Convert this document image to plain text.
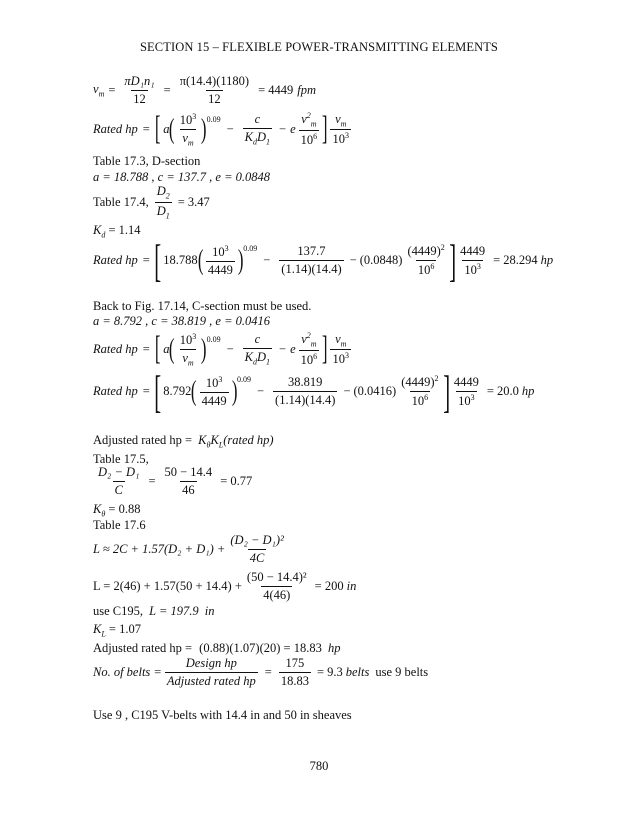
SECTION 15 – FLEXIBLE POWER-TRANSMITTING ELEMENTS
$v_m = \frac{\text{πD₁n₁}}{12} = \frac{\pi(14.4)(1180)}{12} = 4449$ fpm
Rated hp = [ a ( $\frac{10^3}{v_m} )^{0.09}$
− $\frac{c}{K_dD_1} - e \frac{v^2_m}{10^6}$ ] $\frac{v_m}{10^3}$
Table 17.3, D-section
a = 18.788 , c = 137.7 , e = 0.0848
Table 17.4, $\frac{D_2}{D_1} = 3.47$
$K_d = 1.14$
Rated hp = [ 18.788 ( $\frac{10^3}{4449} )^{0.09}$
− $\frac{137.7}{(1.14)(14.4)} - (0.0848) \frac{(4449)^2}{10^6}$ ] $\frac{4449}{10^3} = 28.294$ hp
Back to Fig. 17.14, C-section must be used.
a = 8.792 , c = 38.819 , e = 0.0416
Rated hp = [ a ( $\frac{10^3}{v_m} )^{0.09}$
− $\frac{c}{K_dD_1} - e \frac{v^2_m}{10^6}$ ] $\frac{v_m}{10^3}$
Rated hp = [ 8.792 ( $\frac{10^3}{4449} )^{0.09}$
− $\frac{38.819}{(1.14)(14.4)} - (0.0416) \frac{(4449)^2}{10^6}$ ] $\frac{4449}{10^3} = 20.0$ hp
Adjusted rated hp = $K_\theta K_L(rated$ hp)
Table 17.5,
$\frac{\text{D₂ − D₁}}{C} = \frac{50 - 14.4}{46} = 0.77$
$K_\theta = 0.88$
Table 17.6
$L \approx 2C + 1.57(D_2 + D_1) + \frac{\text{(D₂ − D₁)²}}{4C}$
$L = 2(46) + 1.57(50 + 14.4) + \frac{\text{(50 − 14.4)²}}{4(46)} = 200$ in
use C195, L = 197.9 in
$K_L = 1.07$
Adjusted rated hp = (0.88)(1.07)(20) = 18.83 hp
No. of belts = $\frac{\text{Design hp}}{\text{Adjusted rated hp}} = \frac{175}{18.83} = 9.3$ belts use 9 belts
Use 9 , C195 V-belts with 14.4 in and 50 in sheaves
780
